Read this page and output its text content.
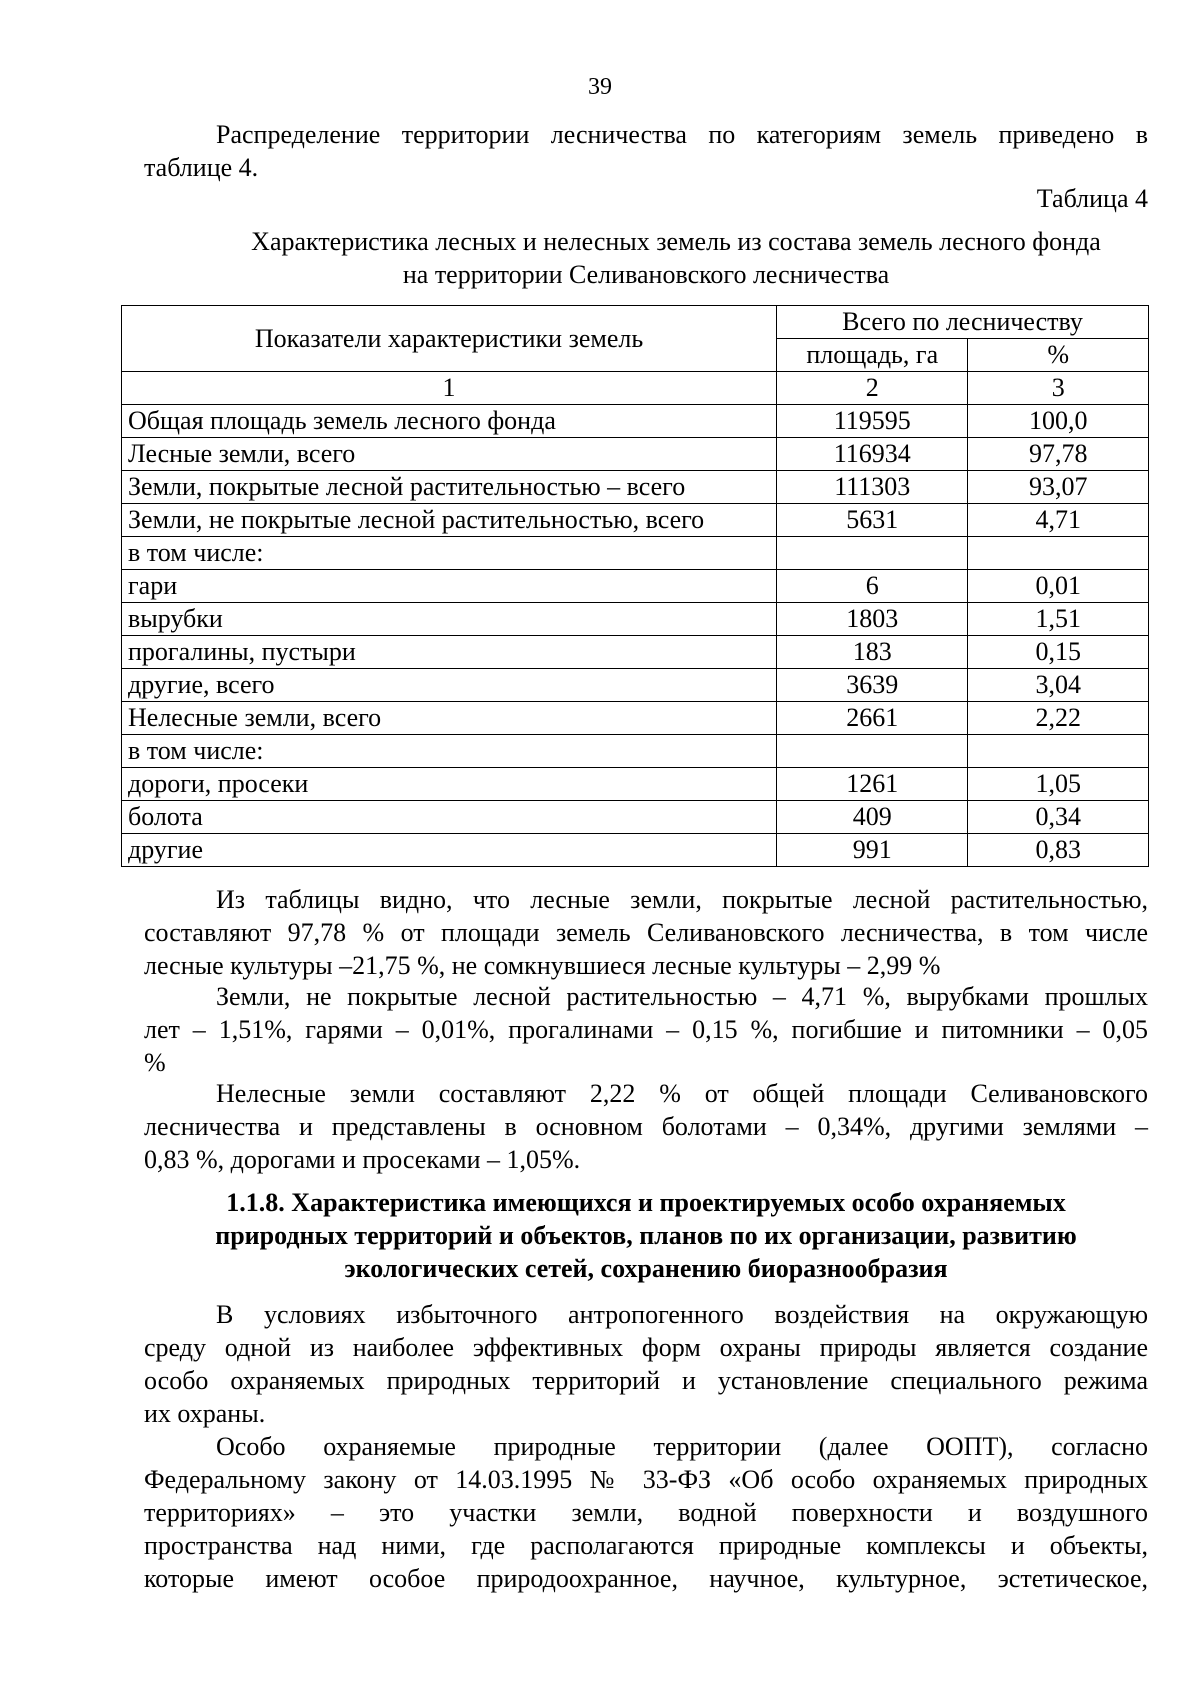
39
Распределение территории лесничества по категориям земель приведено в
таблице 4.
Таблица 4
Характеристика лесных и нелесных земель из состава земель лесного фонда
на территории Селивановского лесничества
Показатели характеристики земель	Всего по лесничеству	
	площадь, га	%
1	2	3
Общая площадь земель лесного фонда	119595	100,0
Лесные земли, всего	116934	97,78
Земли, покрытые лесной растительностью – всего	111303	93,07
Земли, не покрытые лесной растительностью, всего	5631	4,71
в том числе:		
гари	6	0,01
вырубки	1803	1,51
прогалины, пустыри	183	0,15
другие, всего	3639	3,04
Нелесные земли, всего	2661	2,22
в том числе:		
дороги, просеки	1261	1,05
болота	409	0,34
другие	991	0,83
Из таблицы видно, что лесные земли, покрытые лесной растительностью,
составляют 97,78 % от площади земель Селивановского лесничества, в том числе
лесные культуры –21,75 %, не сомкнувшиеся лесные культуры – 2,99 %
Земли, не покрытые лесной растительностью – 4,71 %, вырубками прошлых
лет – 1,51%, гарями – 0,01%, прогалинами – 0,15 %, погибшие и питомники – 0,05
%
Нелесные земли составляют 2,22 % от общей площади Селивановского
лесничества и представлены в основном болотами – 0,34%, другими землями –
0,83 %, дорогами и просеками – 1,05%.
1.1.8. Характеристика имеющихся и проектируемых особо охраняемых
природных территорий и объектов, планов по их организации, развитию
экологических сетей, сохранению биоразнообразия
В условиях избыточного антропогенного воздействия на окружающую
среду одной из наиболее эффективных форм охраны природы является создание
особо охраняемых природных территорий и установление специального режима
их охраны.
Особо охраняемые природные территории (далее ООПТ), согласно
Федеральному закону от 14.03.1995 № 33-ФЗ «Об особо охраняемых природных
территориях» – это участки земли, водной поверхности и воздушного
пространства над ними, где располагаются природные комплексы и объекты,
которые имеют особое природоохранное, научное, культурное, эстетическое,
